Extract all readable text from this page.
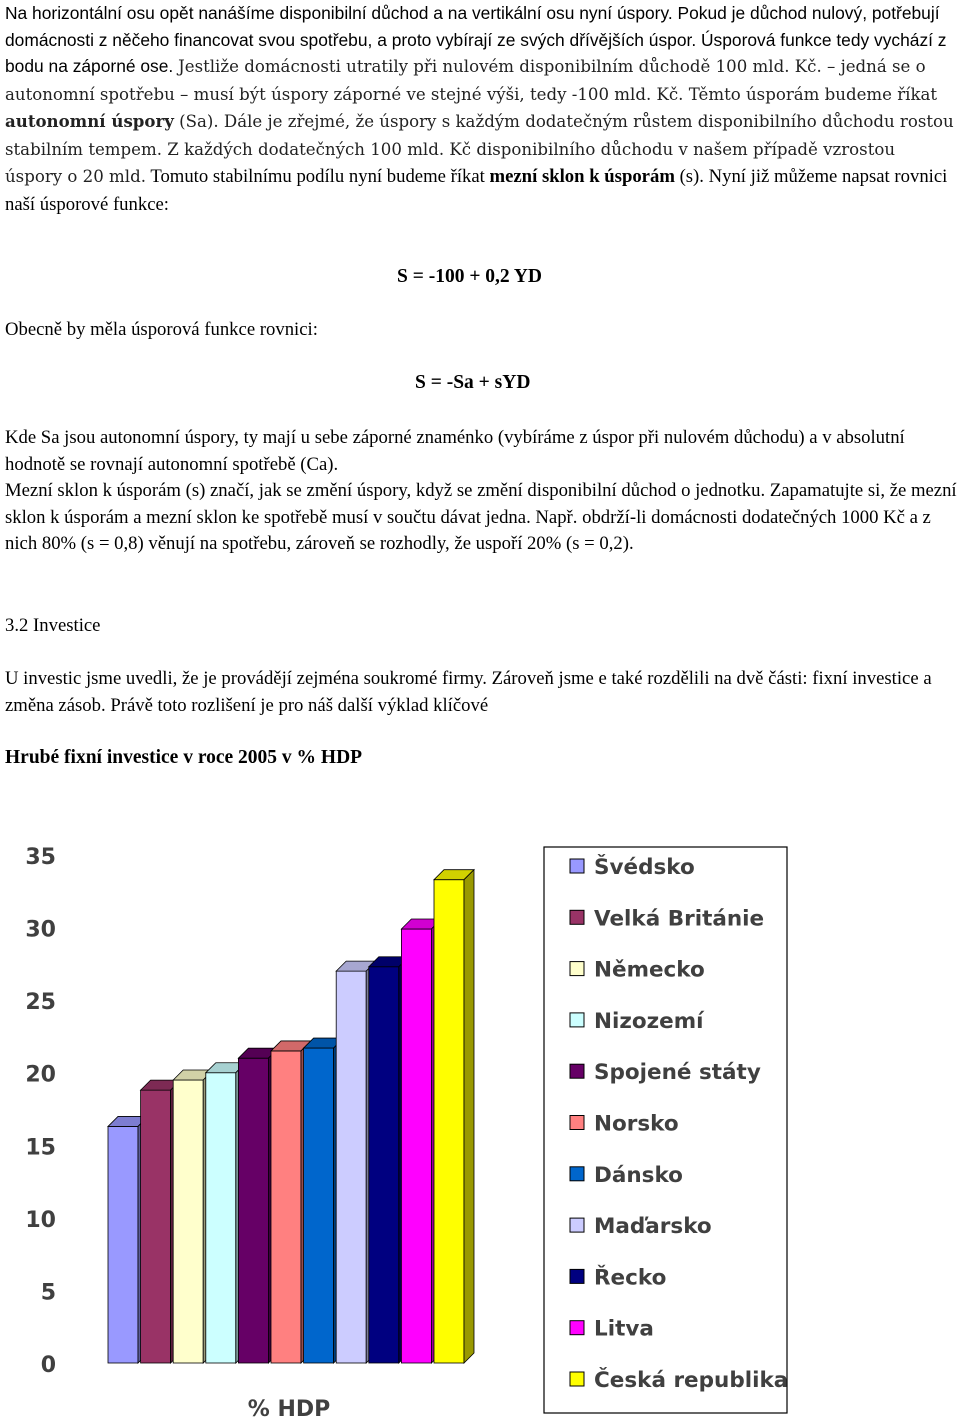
Na horizontální osu opět nanášíme disponibilní důchod a na vertikální osu nyní úspory. Pokud je důchod nulový, potřebují domácnosti z něčeho financovat svou spotřebu, a proto vybírají ze svých dřívějších úspor. Úsporová funkce tedy vychází z bodu na záporné ose. Jestliže domácnosti utratily při nulovém disponibilním důchodě 100 mld. Kč. – jedná se o autonomní spotřebu – musí být úspory záporné ve stejné výši, tedy -100 mld. Kč. Těmto úsporám budeme říkat autonomní úspory (Sa). Dále je zřejmé, že úspory s každým dodatečným růstem disponibilního důchodu rostou stabilním tempem. Z každých dodatečných 100 mld. Kč disponibilního důchodu v našem případě vzrostou úspory o 20 mld. Tomuto stabilnímu podílu nyní budeme říkat mezní sklon k úsporám (s). Nyní již můžeme napsat rovnici naší úsporové funkce:

S = -100 + 0,2 YD
Obecně by měla úsporová funkce rovnici:
S = -Sa + sYD

Kde Sa jsou autonomní úspory, ty mají u sebe záporné znaménko (vybíráme z úspor při nulovém důchodu) a v absolutní hodnotě se rovnají autonomní spotřebě (Ca).

Mezní sklon k úsporám (s) značí, jak se změní úspory, když se změní disponibilní důchod o jednotku. Zapamatujte si, že mezní sklon k úsporám a mezní sklon ke spotřebě musí v součtu dávat jedna. Např. obdrží-li domácnosti dodatečných 1000 Kč a z nich 80% (s = 0,8) věnují na spotřebu, zároveň se rozhodly, že uspoří 20% (s = 0,2).

3.2 Investice

U investic jsme uvedli, že je provádějí zejména soukromé firmy. Zároveň jsme e také rozdělili na dvě části: fixní investice a změna zásob. Právě toto rozlišení je pro náš další výklad klíčové

Hrubé fixní investice v roce 2005 v % HDP
0
5
10
15
20
25
30
35
% HDP
Švédsko
Velká Británie
Německo
Nizozemí
Spojené státy
Norsko
Dánsko
Maďarsko
Řecko
Litva
Česká republika
